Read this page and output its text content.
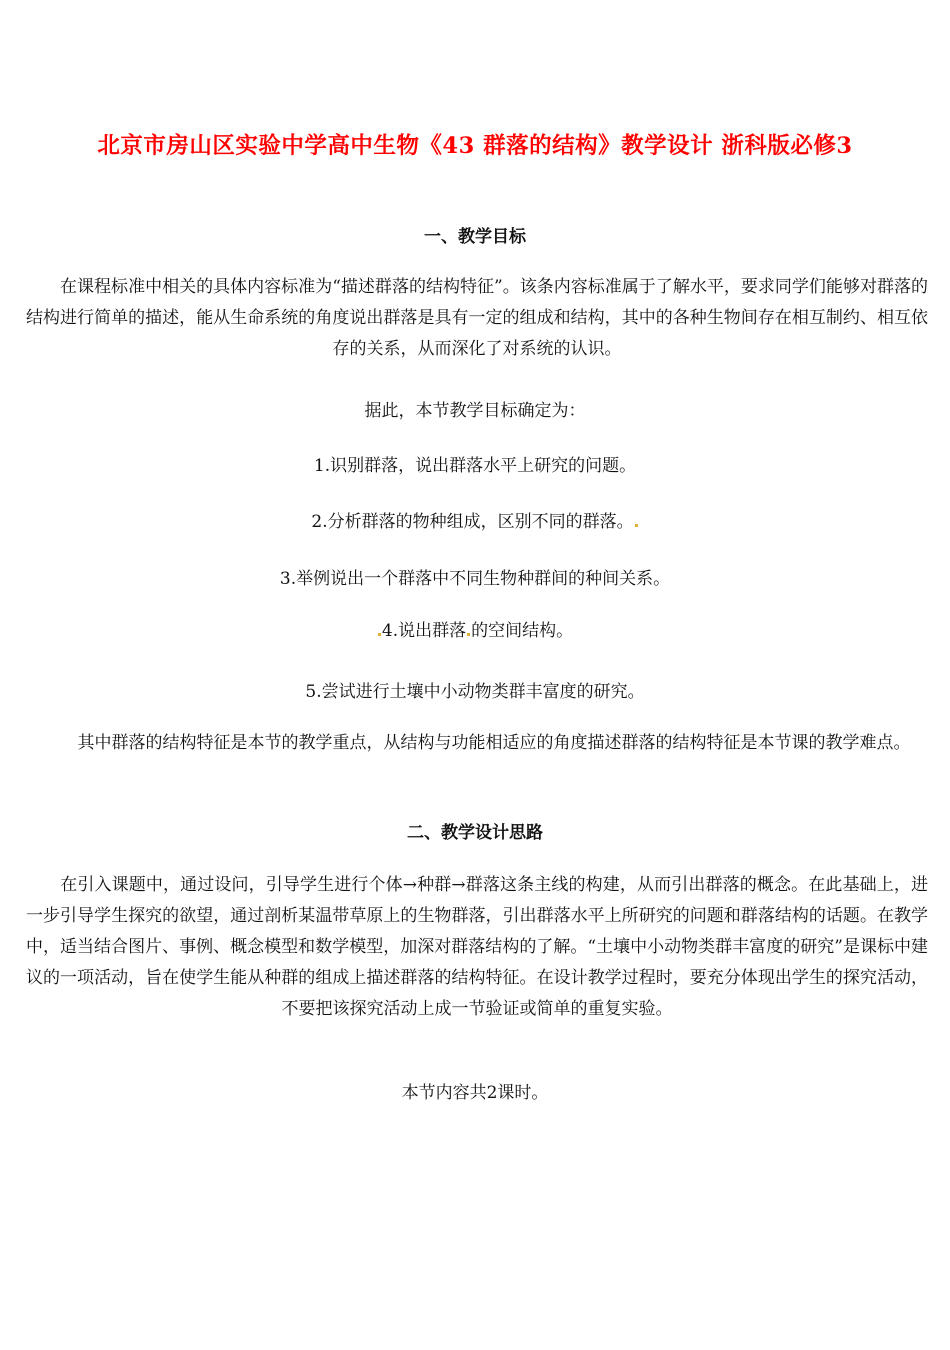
北京市房山区实验中学高中生物《43 群落的结构》教学设计 浙科版必修3
一、教学目标
　　在课程标准中相关的具体内容标准为“描述群落的结构特征”。该条内容标准属于了解水平，要求同学们能够对群落的结构进行简单的描述，能从生命系统的角度说出群落是具有一定的组成和结构，其中的各种生物间存在相互制约、相互依存的关系，从而深化了对系统的认识。
据此，本节教学目标确定为：
1.识别群落，说出群落水平上研究的问题。
2.分析群落的物种组成，区别不同的群落。
3.举例说出一个群落中不同生物种群间的种间关系。
4.说出群落 的空间结构。
5.尝试进行土壤中小动物类群丰富度的研究。
　　其中群落的结构特征是本节的教学重点，从结构与功能相适应的角度描述群落的结构特征是本节课的教学难点。
二、教学设计思路
　　在引入课题中，通过设问，引导学生进行个体→种群→群落这条主线的构建，从而引出群落的概念。在此基础上，进一步引导学生探究的欲望，通过剖析某温带草原上的生物群落，引出群落水平上所研究的问题和群落结构的话题。在教学中，适当结合图片、事例、概念模型和数学模型，加深对群落结构的了解。“土壤中小动物类群丰富度的研究”是课标中建议的一项活动，旨在使学生能从种群的组成上描述群落的结构特征。在设计教学过程时，要充分体现出学生的探究活动，不要把该探究活动上成一节验证或简单的重复实验。
本节内容共2课时。
